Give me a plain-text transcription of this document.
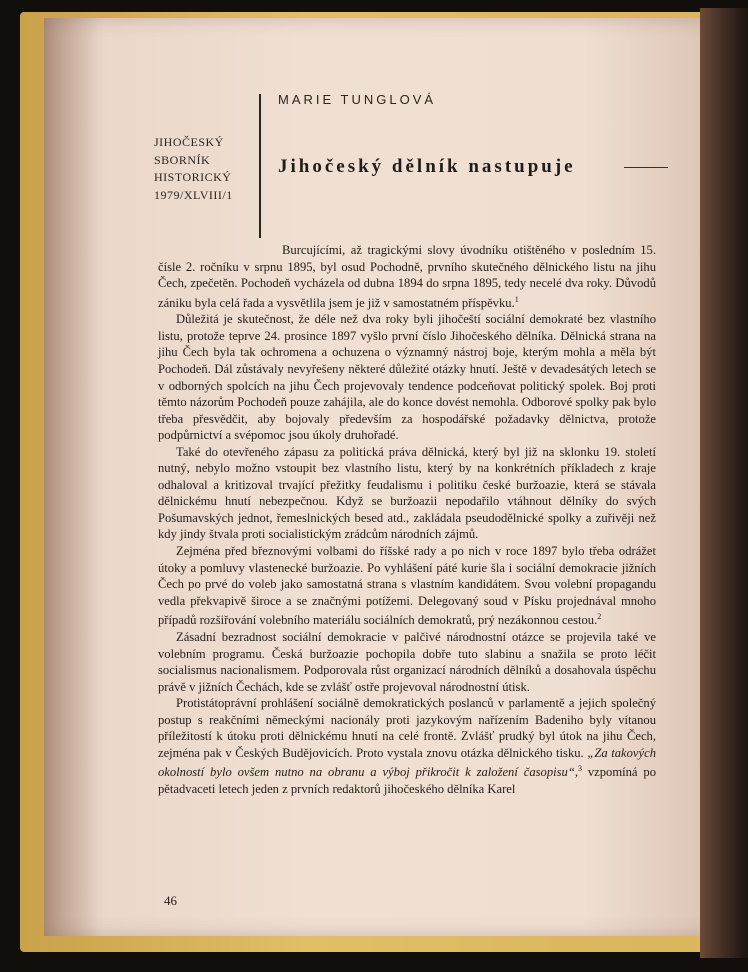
MARIE TUNGLOVÁ
JIHOČESKÝ
SBORNÍK
HISTORICKÝ
1979/XLVIII/1
Jihočeský dělník nastupuje

Burcujícími, až tragickými slovy úvodníku otištěného v posledním 15. čísle 2. ročníku v srpnu 1895, byl osud Pochodně, prvního skutečného dělnického listu na jihu Čech, zpečetěn. Pochodeň vycházela od dubna 1894 do srpna 1895, tedy necelé dva roky. Důvodů zániku byla celá řada a vysvětlila jsem je již v samostatném příspěvku.$^1$

Důležitá je skutečnost, že déle než dva roky byli jihočeští sociální demokraté bez vlastního listu, protože teprve 24. prosince 1897 vyšlo první číslo Jihočeského dělníka. Dělnická strana na jihu Čech byla tak ochromena a ochuzena o významný nástroj boje, kterým mohla a měla být Pochodeň. Dál zůstávaly nevyřešeny některé důležité otázky hnutí. Ještě v devadesátých letech se v odborných spolcích na jihu Čech projevovaly tendence podceňovat politický spolek. Boj proti těmto názorům Pochodeň pouze zahájila, ale do konce dovést nemohla. Odborové spolky pak bylo třeba přesvědčit, aby bojovaly především za hospodářské požadavky dělnictva, protože podpůrnictví a svépomoc jsou úkoly druhořadé.

Také do otevřeného zápasu za politická práva dělnická, který byl již na sklonku 19. století nutný, nebylo možno vstoupit bez vlastního listu, který by na konkrétních příkladech z kraje odhaloval a kritizoval trvající přežitky feudalismu i politiku české buržoazie, která se stávala dělnickému hnutí nebezpečnou. Když se buržoazii nepodařilo vtáhnout dělníky do svých Pošumavských jednot, řemeslnických besed atd., zakládala pseudodělnické spolky a zuřivěji než kdy jindy štvala proti socialistickým zrádcům národních zájmů.

Zejména před březnovými volbami do říšské rady a po nich v roce 1897 bylo třeba odrážet útoky a pomluvy vlastenecké buržoazie. Po vyhlášení páté kurie šla i sociální demokracie jižních Čech po prvé do voleb jako samostatná strana s vlastním kandidátem. Svou volební propagandu vedla překvapivě široce a se značnými potížemi. Delegovaný soud v Písku projednával mnoho případů rozšiřování volebního materiálu sociálních demokratů, prý nezákonnou cestou.$^2$

Zásadní bezradnost sociální demokracie v palčivé národnostní otázce se projevila také ve volebním programu. Česká buržoazie pochopila dobře tuto slabinu a snažila se proto léčit socialismus nacionalismem. Podporovala růst organizací národních dělníků a dosahovala úspěchu právě v jižních Čechách, kde se zvlášť ostře projevoval národnostní útisk.

Protistátoprávní prohlášení sociálně demokratických poslanců v parlamentě a jejich společný postup s reakčními německými nacionály proti jazykovým nařízením Badeniho byly vítanou příležitostí k útoku proti dělnickému hnutí na celé frontě. Zvlášť prudký byl útok na jihu Čech, zejména pak v Českých Budějovicích. Proto vystala znovu otázka dělnického tisku. „Za takových okolností bylo ovšem nutno na obranu a výboj přikročit k založení časopisu“,$^3$ vzpomíná po pětadvaceti letech jeden z prvních redaktorů jihočeského dělníka Karel

46
